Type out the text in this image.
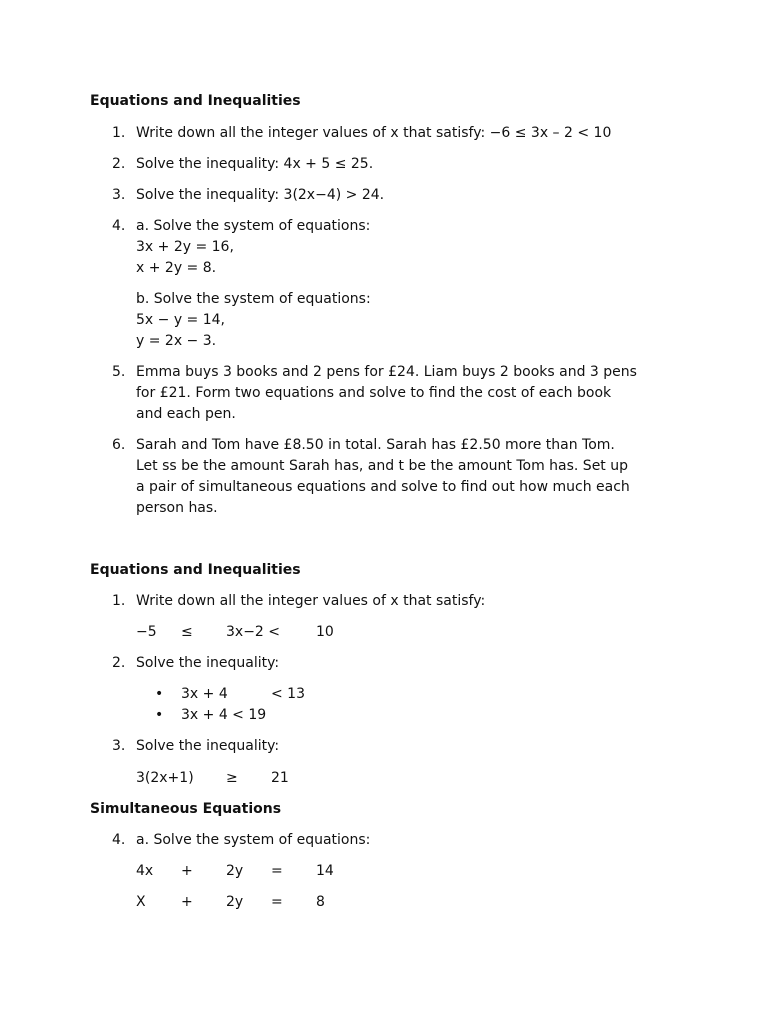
Equations and Inequalities
1. Write down all the integer values of x that satisfy: −6 ≤ 3x – 2 < 10
2. Solve the inequality: 4x + 5 ≤ 25.
3. Solve the inequality: 3(2x−4) > 24.
4. a. Solve the system of equations:
3x + 2y = 16,
x + 2y = 8.
b. Solve the system of equations:
5x − y = 14,
y = 2x − 3.
5. Emma buys 3 books and 2 pens for £24. Liam buys 2 books and 3 pens
for £21. Form two equations and solve to find the cost of each book
and each pen.
6. Sarah and Tom have £8.50 in total. Sarah has £2.50 more than Tom.
Let ss be the amount Sarah has, and t be the amount Tom has. Set up
a pair of simultaneous equations and solve to find out how much each
person has.
Equations and Inequalities
1. Write down all the integer values of x that satisfy:
−5 ≤ 3x−2 <	10
2. Solve the inequality:
• 3x + 4	< 13
• 3x + 4 < 19
3. Solve the inequality:
3(2x+1) ≥ 21
Simultaneous Equations
4. a. Solve the system of equations:
4x + 2y = 14
X	+ 2y = 8
